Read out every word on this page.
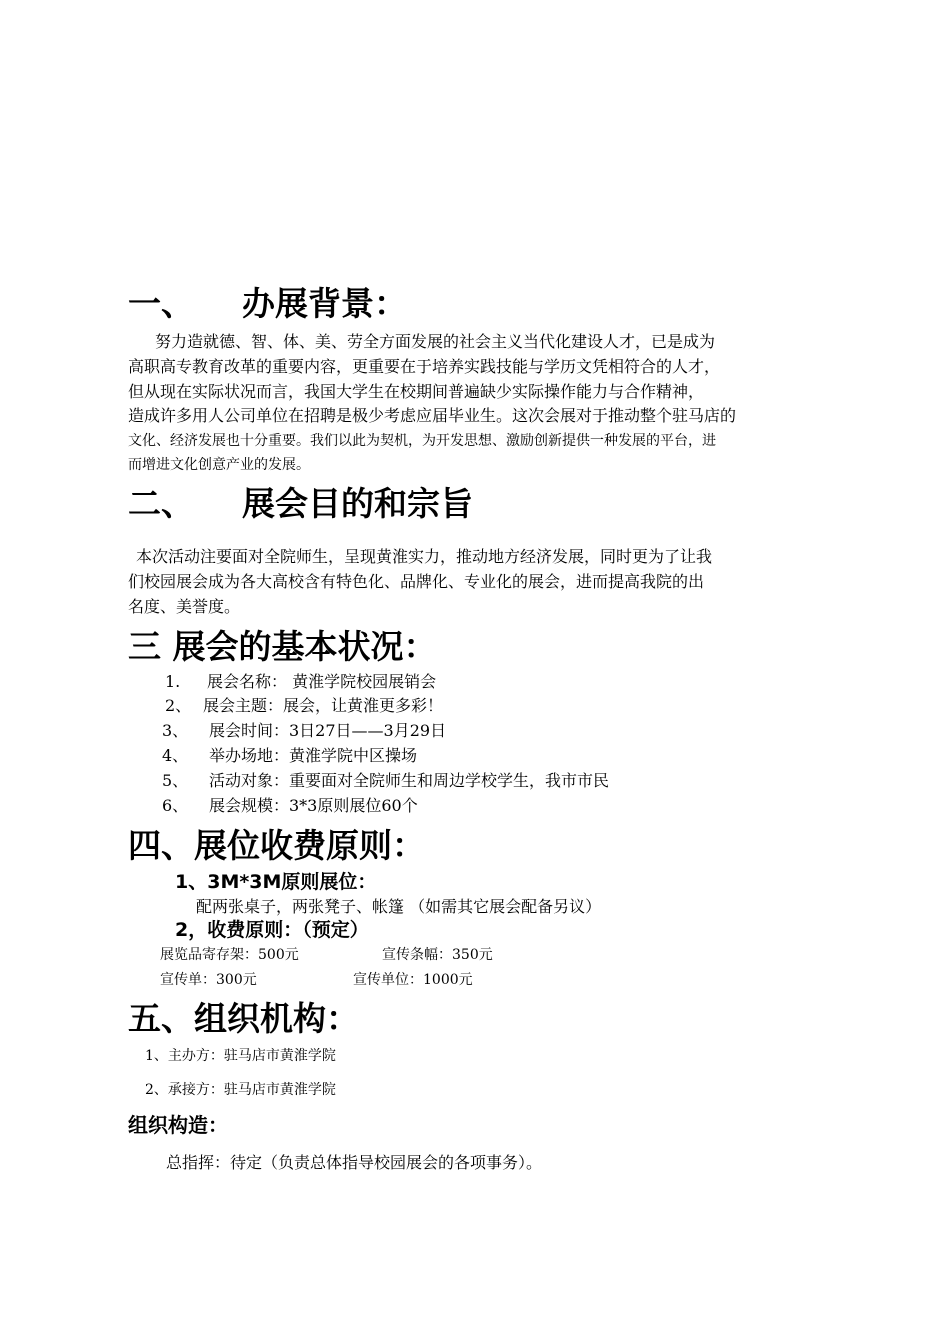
一、 办展背景：
努力造就德、智、体、美、劳全方面发展的社会主义当代化建设人才，已是成为
高职高专教育改革的重要内容，更重要在于培养实践技能与学历文凭相符合的人才，
但从现在实际状况而言，我国大学生在校期间普遍缺少实际操作能力与合作精神，
造成许多用人公司单位在招聘是极少考虑应届毕业生。这次会展对于推动整个驻马店的
文化、经济发展也十分重要。我们以此为契机，为开发思想、激励创新提供一种发展的平台，进
而增进文化创意产业的发展。
二、 展会目的和宗旨
本次活动注要面对全院师生，呈现黄淮实力，推动地方经济发展，同时更为了让我
们校园展会成为各大高校含有特色化、品牌化、专业化的展会，进而提高我院的出
名度、美誉度。
三 展会的基本状况：
1. 展会名称： 黄淮学院校园展销会
2、 展会主题：展会，让黄淮更多彩！
3、 展会时间：3日27日——3月29日
4、 举办场地：黄淮学院中区操场
5、 活动对象：重要面对全院师生和周边学校学生，我市市民
6、 展会规模：3*3原则展位60个
四、展位收费原则：
1、3M*3M原则展位：
配两张桌子，两张凳子、帐篷 （如需其它展会配备另议）
2，收费原则：（预定）
展览品寄存架：500元	宣传条幅：350元
宣传单：300元	宣传单位：1000元
五、组织机构：
1、主办方：驻马店市黄淮学院
2、承接方：驻马店市黄淮学院
组织构造：
总指挥：待定（负责总体指导校园展会的各项事务）。
